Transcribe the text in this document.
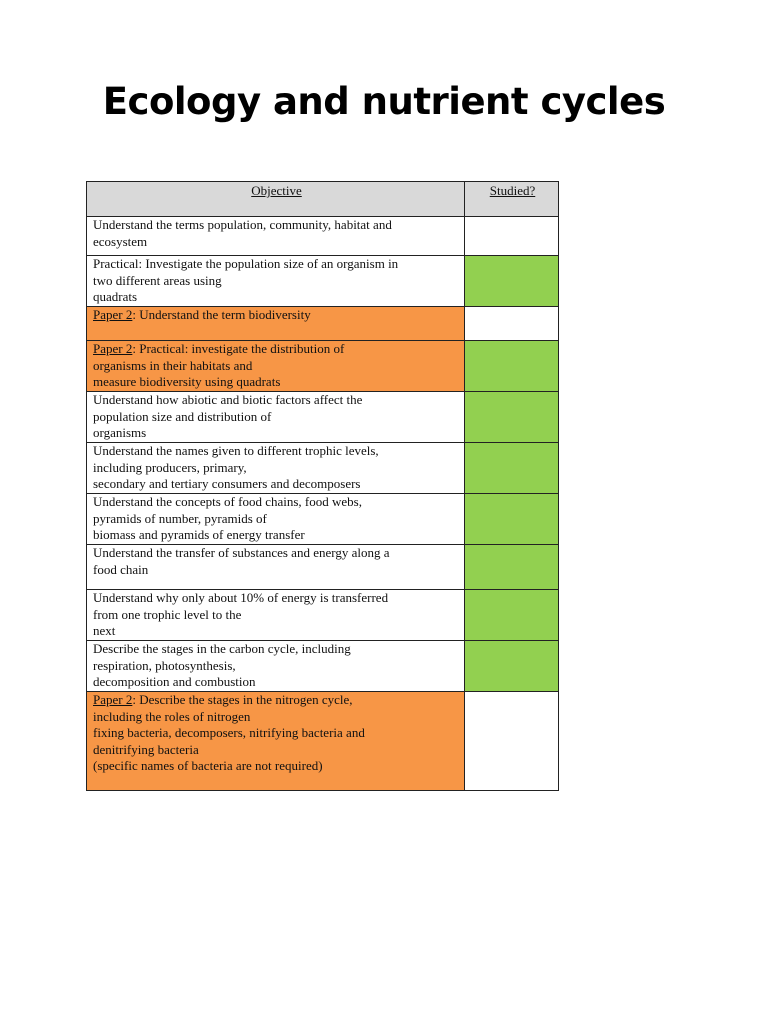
Ecology and nutrient cycles
Objective	Studied?

Understand the terms population, community, habitat and
ecosystem	

Practical: Investigate the population size of an organism in
two different areas using
quadrats	

Paper 2: Understand the term biodiversity	

Paper 2: Practical: investigate the distribution of
organisms in their habitats and
measure biodiversity using quadrats	

Understand how abiotic and biotic factors affect the
population size and distribution of
organisms	

Understand the names given to different trophic levels,
including producers, primary,
secondary and tertiary consumers and decomposers	

Understand the concepts of food chains, food webs,
pyramids of number, pyramids of
biomass and pyramids of energy transfer	

Understand the transfer of substances and energy along a
food chain	

Understand why only about 10% of energy is transferred
from one trophic level to the
next	

Describe the stages in the carbon cycle, including
respiration, photosynthesis,
decomposition and combustion	

Paper 2: Describe the stages in the nitrogen cycle,
including the roles of nitrogen
fixing bacteria, decomposers, nitrifying bacteria and
denitrifying bacteria
(specific names of bacteria are not required)	
